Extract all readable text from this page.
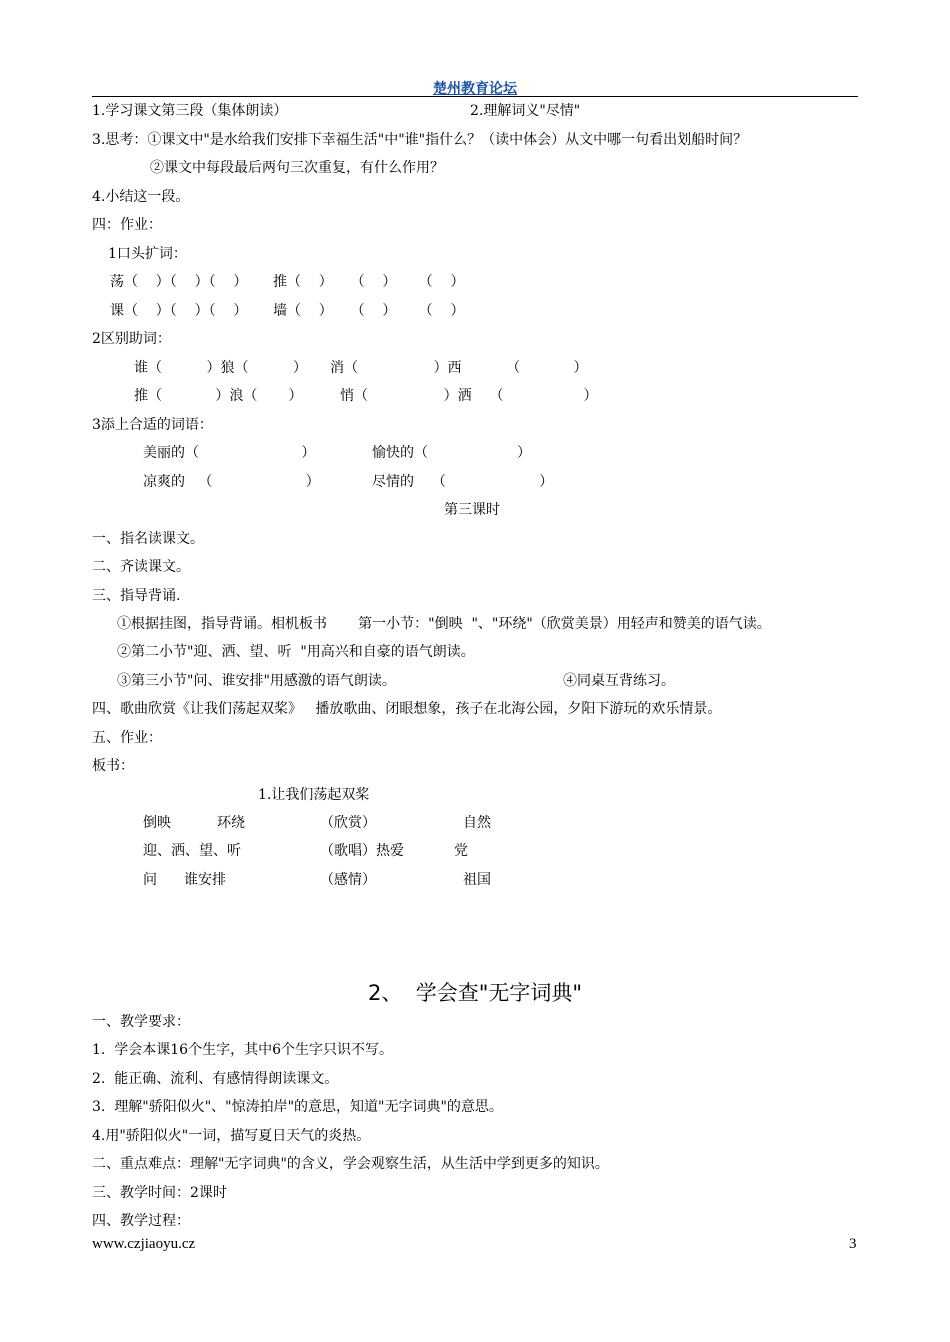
楚州教育论坛
1.学习课文第三段（集体朗读）	2.理解词义"尽情"
3.思考：①课文中"是水给我们安排下幸福生活"中"谁"指什么？（读中体会）从文中哪一句看出划船时间？
②课文中每段最后两句三次重复，有什么作用？
4.小结这一段。
四：作业：
1口头扩词：
荡（    ）（    ）（    ） 推（    ）    （    ）     （    ）
课（    ）（    ）（    ） 墙（    ）    （    ）     （    ）
2区别助词：
谁（          ）狼（          ） 消（                 ）西          （            ）
推（            ）浪（       ）	悄（                 ）洒    （                  ）
3添上合适的词语：
美丽的（                       ）	愉快的（                    ）
凉爽的   （                     ）	尽情的    （                     ）
第三课时
一、指名读课文。
二、齐读课文。
三、指导背诵.
①根据挂图，指导背诵。相机板书       第一小节："倒映  "、"环绕"（欣赏美景）用轻声和赞美的语气读。
②第二小节"迎、洒、望、听  "用高兴和自豪的语气朗读。
③第三小节"问、谁安排"用感激的语气朗读。	④同桌互背练习。
四、歌曲欣赏《让我们荡起双桨》   播放歌曲、闭眼想象，孩子在北海公园，夕阳下游玩的欢乐情景。
五、作业：
板书：
1.让我们荡起双桨
倒映	环绕	（欣赏）	自然
迎、洒、望、听	（歌唱）热爱	党
问 谁安排	（感情）	祖国
2、  学会查"无字词典"
一、教学要求：
1.  学会本课16个生字，其中6个生字只识不写。
2.  能正确、流利、有感情得朗读课文。
3.  理解"骄阳似火"、"惊涛拍岸"的意思，知道"无字词典"的意思。
4.用"骄阳似火"一词，描写夏日天气的炎热。
二、重点难点：理解"无字词典"的含义，学会观察生活，从生活中学到更多的知识。
三、教学时间：2课时
四、教学过程：
www.czjiaoyu.cz	3
